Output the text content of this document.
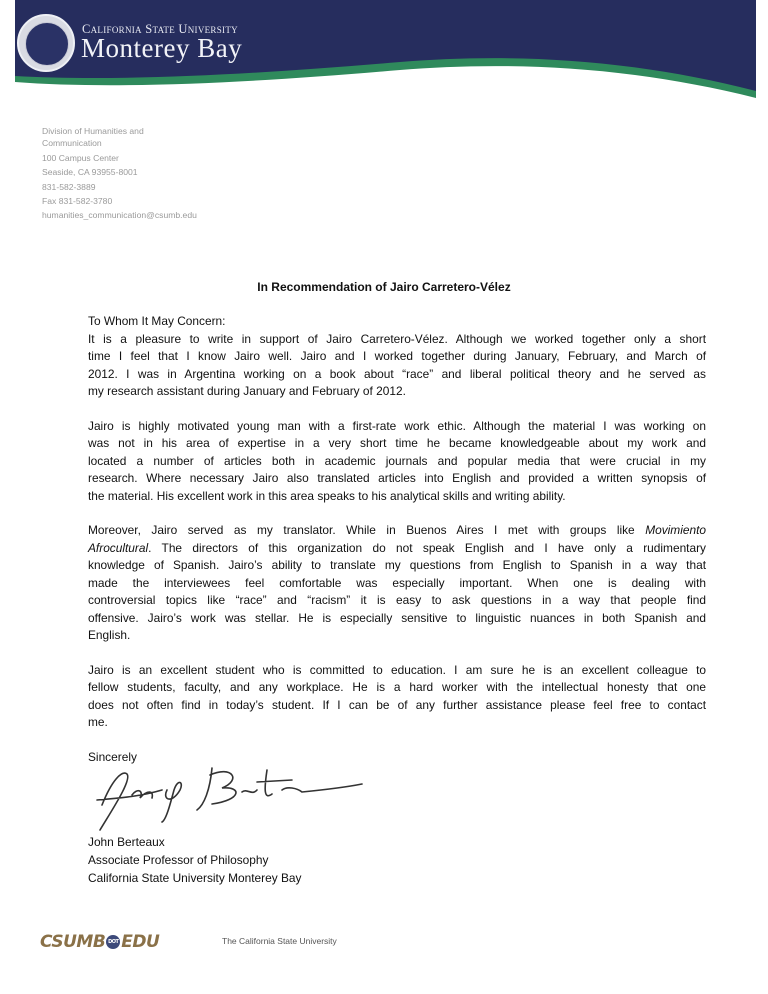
California State University
Monterey Bay
Division of Humanities and
Communication
100 Campus Center
Seaside, CA 93955-8001
831-582-3889
Fax 831-582-3780
humanities_communication@csumb.edu
In Recommendation of Jairo Carretero-Vélez
To Whom It May Concern:
It is a pleasure to write in support of Jairo Carretero-Vélez. Although we worked together only a short
time I feel that I know Jairo well. Jairo and I worked together during January, February, and March of
2012. I was in Argentina working on a book about “race” and liberal political theory and he served as
my research assistant during January and February of 2012.
Jairo is highly motivated young man with a first-rate work ethic. Although the material I was working on
was not in his area of expertise in a very short time he became knowledgeable about my work and
located a number of articles both in academic journals and popular media that were crucial in my
research. Where necessary Jairo also translated articles into English and provided a written synopsis of
the material. His excellent work in this area speaks to his analytical skills and writing ability.
Moreover, Jairo served as my translator. While in Buenos Aires I met with groups like Movimiento
Afrocultural. The directors of this organization do not speak English and I have only a rudimentary
knowledge of Spanish. Jairo’s ability to translate my questions from English to Spanish in a way that
made the interviewees feel comfortable was especially important. When one is dealing with
controversial topics like “race” and “racism” it is easy to ask questions in a way that people find
offensive. Jairo’s work was stellar. He is especially sensitive to linguistic nuances in both Spanish and
English.
Jairo is an excellent student who is committed to education. I am sure he is an excellent colleague to
fellow students, faculty, and any workplace. He is a hard worker with the intellectual honesty that one
does not often find in today’s student. If I can be of any further assistance please feel free to contact
me.
Sincerely
John Berteaux
Associate Professor of Philosophy
California State University Monterey Bay
CSUMB DOT EDU	The California State University
